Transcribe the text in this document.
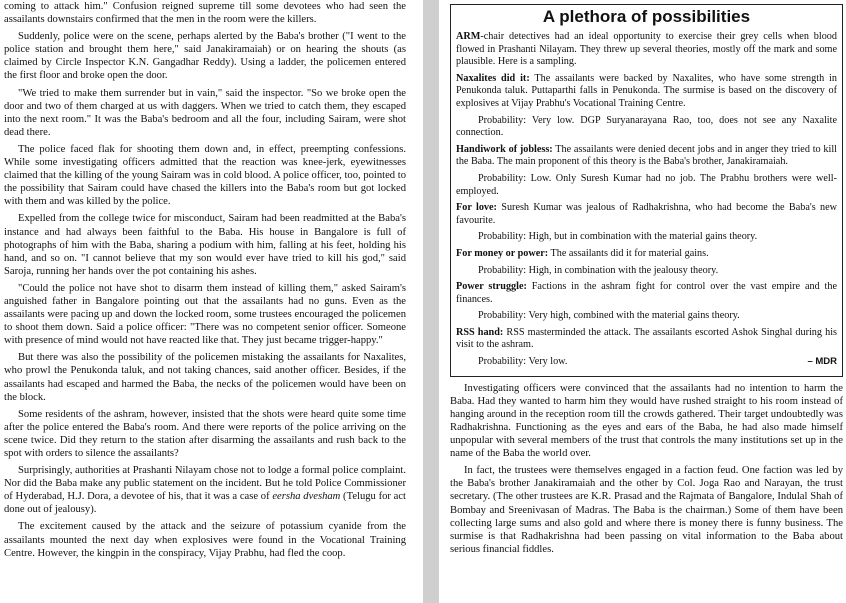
coming to attack him." Confusion reigned supreme till some devotees who had seen the assailants downstairs confirmed that the men in the room were the killers.

Suddenly, police were on the scene, perhaps alerted by the Baba's brother ("I went to the police station and brought them here," said Janakiramaiah) or on hearing the shouts (as claimed by Circle Inspector K.N. Gangadhar Reddy). Using a ladder, the policemen entered the first floor and broke open the door.

"We tried to make them surrender but in vain," said the inspector. "So we broke open the door and two of them charged at us with daggers. When we tried to catch them, they escaped into the next room." It was the Baba's bedroom and all the four, including Sairam, were shot dead there.

The police faced flak for shooting them down and, in effect, preempting confessions. While some investigating officers admitted that the reaction was knee-jerk, eyewitnesses claimed that the killing of the young Sairam was in cold blood. A police officer, too, pointed to the possibility that Sairam could have chased the killers into the Baba's room but got locked with them and was killed by the police.

Expelled from the college twice for misconduct, Sairam had been readmitted at the Baba's instance and had always been faithful to the Baba. His house in Bangalore is full of photographs of him with the Baba, sharing a podium with him, falling at his feet, holding his hand, and so on. "I cannot believe that my son would ever have tried to kill his god," said Saroja, running her hands over the pot containing his ashes.

"Could the police not have shot to disarm them instead of killing them," asked Sairam's anguished father in Bangalore pointing out that the assailants had no guns. Even as the assailants were pacing up and down the locked room, some trustees encouraged the policemen to shoot them down. Said a police officer: "There was no competent senior officer. Someone with presence of mind would not have reacted like that. They just became trigger-happy."

But there was also the possibility of the policemen mistaking the assailants for Naxalites, who prowl the Penukonda taluk, and not taking chances, said another officer. Besides, if the assailants had escaped and harmed the Baba, the necks of the policemen would have been on the block.

Some residents of the ashram, however, insisted that the shots were heard quite some time after the police entered the Baba's room. And there were reports of the police arriving on the scene twice. Did they return to the station after disarming the assailants and rush back to the spot with orders to silence the assailants?

Surprisingly, authorities at Prashanti Nilayam chose not to lodge a formal police complaint. Nor did the Baba make any public statement on the incident. But he told Police Commissioner of Hyderabad, H.J. Dora, a devotee of his, that it was a case of eersha dvesham (Telugu for act done out of jealousy).

The excitement caused by the attack and the seizure of potassium cyanide from the assailants mounted the next day when explosives were found in the Vocational Training Centre. However, the kingpin in the conspiracy, Vijay Prabhu, had fled the coop.

A plethora of possibilities

ARM-chair detectives had an ideal opportunity to exercise their grey cells when blood flowed in Prashanti Nilayam. They threw up several theories, mostly off the mark and some plausible. Here is a sampling.

Naxalites did it: The assailants were backed by Naxalites, who have some strength in Penukonda taluk. Puttaparthi falls in Penukonda. The surmise is based on the discovery of explosives at Vijay Prabhu's Vocational Training Centre.

Probability: Very low. DGP Suryanarayana Rao, too, does not see any Naxalite connection.

Handiwork of jobless: The assailants were denied decent jobs and in anger they tried to kill the Baba. The main proponent of this theory is the Baba's brother, Janakiramaiah.

Probability: Low. Only Suresh Kumar had no job. The Prabhu brothers were well-employed.

For love: Suresh Kumar was jealous of Radhakrishna, who had become the Baba's new favourite.

Probability: High, but in combination with the material gains theory.

For money or power: The assailants did it for material gains.

Probability: High, in combination with the jealousy theory.

Power struggle: Factions in the ashram fight for control over the vast empire and the finances.

Probability: Very high, combined with the material gains theory.

RSS hand: RSS masterminded the attack. The assailants escorted Ashok Singhal during his visit to the ashram.

Probability: Very low.	– MDR

Investigating officers were convinced that the assailants had no intention to harm the Baba. Had they wanted to harm him they would have rushed straight to his room instead of hanging around in the reception room till the crowds gathered. Their target undoubtedly was Radhakrishna. Functioning as the eyes and ears of the Baba, he had also made himself unpopular with several members of the trust that controls the many institutions set up in the name of the Baba the world over.

In fact, the trustees were themselves engaged in a faction feud. One faction was led by the Baba's brother Janakiramaiah and the other by Col. Joga Rao and Narayan, the trust secretary. (The other trustees are K.R. Prasad and the Rajmata of Bangalore, Indulal Shah of Bombay and Sreenivasan of Madras. The Baba is the chairman.) Some of them have been collecting large sums and also gold and where there is money there is funny business. The surmise is that Radhakrishna had been passing on vital information to the Baba about serious financial fiddles.
